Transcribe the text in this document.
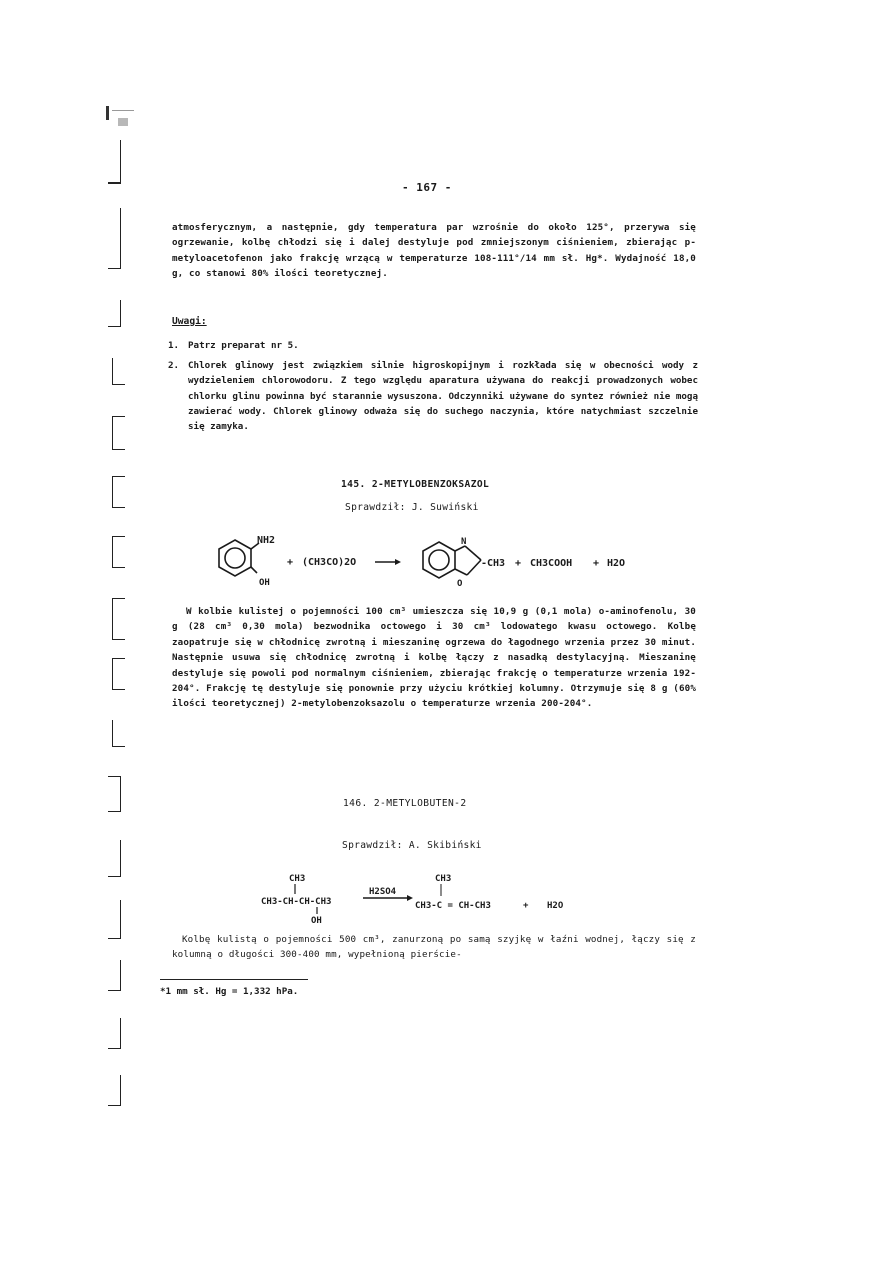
- 167 -
atmosferycznym, a następnie, gdy temperatura par wzrośnie do około 125°, przerywa się ogrzewanie, kolbę chłodzi się i dalej destyluje pod zmniejszonym ciśnieniem, zbierając p-metyloacetofenon jako frakcję wrzącą w temperaturze 108-111°/14 mm sł. Hg*. Wydajność 18,0 g, co stanowi 80% ilości teoretycznej.
Uwagi:
1. Patrz preparat nr 5.
2. Chlorek glinowy jest związkiem silnie higroskopijnym i rozkłada się w obecności wody z wydzieleniem chlorowodoru. Z tego względu aparatura używana do reakcji prowadzonych wobec chlorku glinu powinna być starannie wysuszona. Odczynniki używane do syntez również nie mogą zawierać wody. Chlorek glinowy odważa się do suchego naczynia, które natychmiast szczelnie się zamyka.
145. 2-METYLOBENZOKSAZOL
Sprawdził: J. Suwiński
NH2
OH
+ (CH3CO)2O
N
O
-CH3 + CH3COOH + H2O
W kolbie kulistej o pojemności 100 cm³ umieszcza się 10,9 g (0,1 mola) o-aminofenolu, 30 g (28 cm³ 0,30 mola) bezwodnika octowego i 30 cm³ lodowatego kwasu octowego. Kolbę zaopatruje się w chłodnicę zwrotną i mieszaninę ogrzewa do łagodnego wrzenia przez 30 minut. Następnie usuwa się chłodnicę zwrotną i kolbę łączy z nasadką destylacyjną. Mieszaninę destyluje się powoli pod normalnym ciśnieniem, zbierając frakcję o temperaturze wrzenia 192-204°. Frakcję tę destyluje się ponownie przy użyciu krótkiej kolumny. Otrzymuje się 8 g (60% ilości teoretycznej) 2-metylobenzoksazolu o temperaturze wrzenia 200-204°.
146. 2-METYLOBUTEN-2
Sprawdził: A. Skibiński
CH3
CH3-CH-CH-CH3
OH
H2SO4
CH3
CH3-C = CH-CH3	+ H2O
Kolbę kulistą o pojemności 500 cm³, zanurzoną po samą szyjkę w łaźni wodnej, łączy się z kolumną o długości 300-400 mm, wypełnioną pierście-
*1 mm sł. Hg = 1,332 hPa.
